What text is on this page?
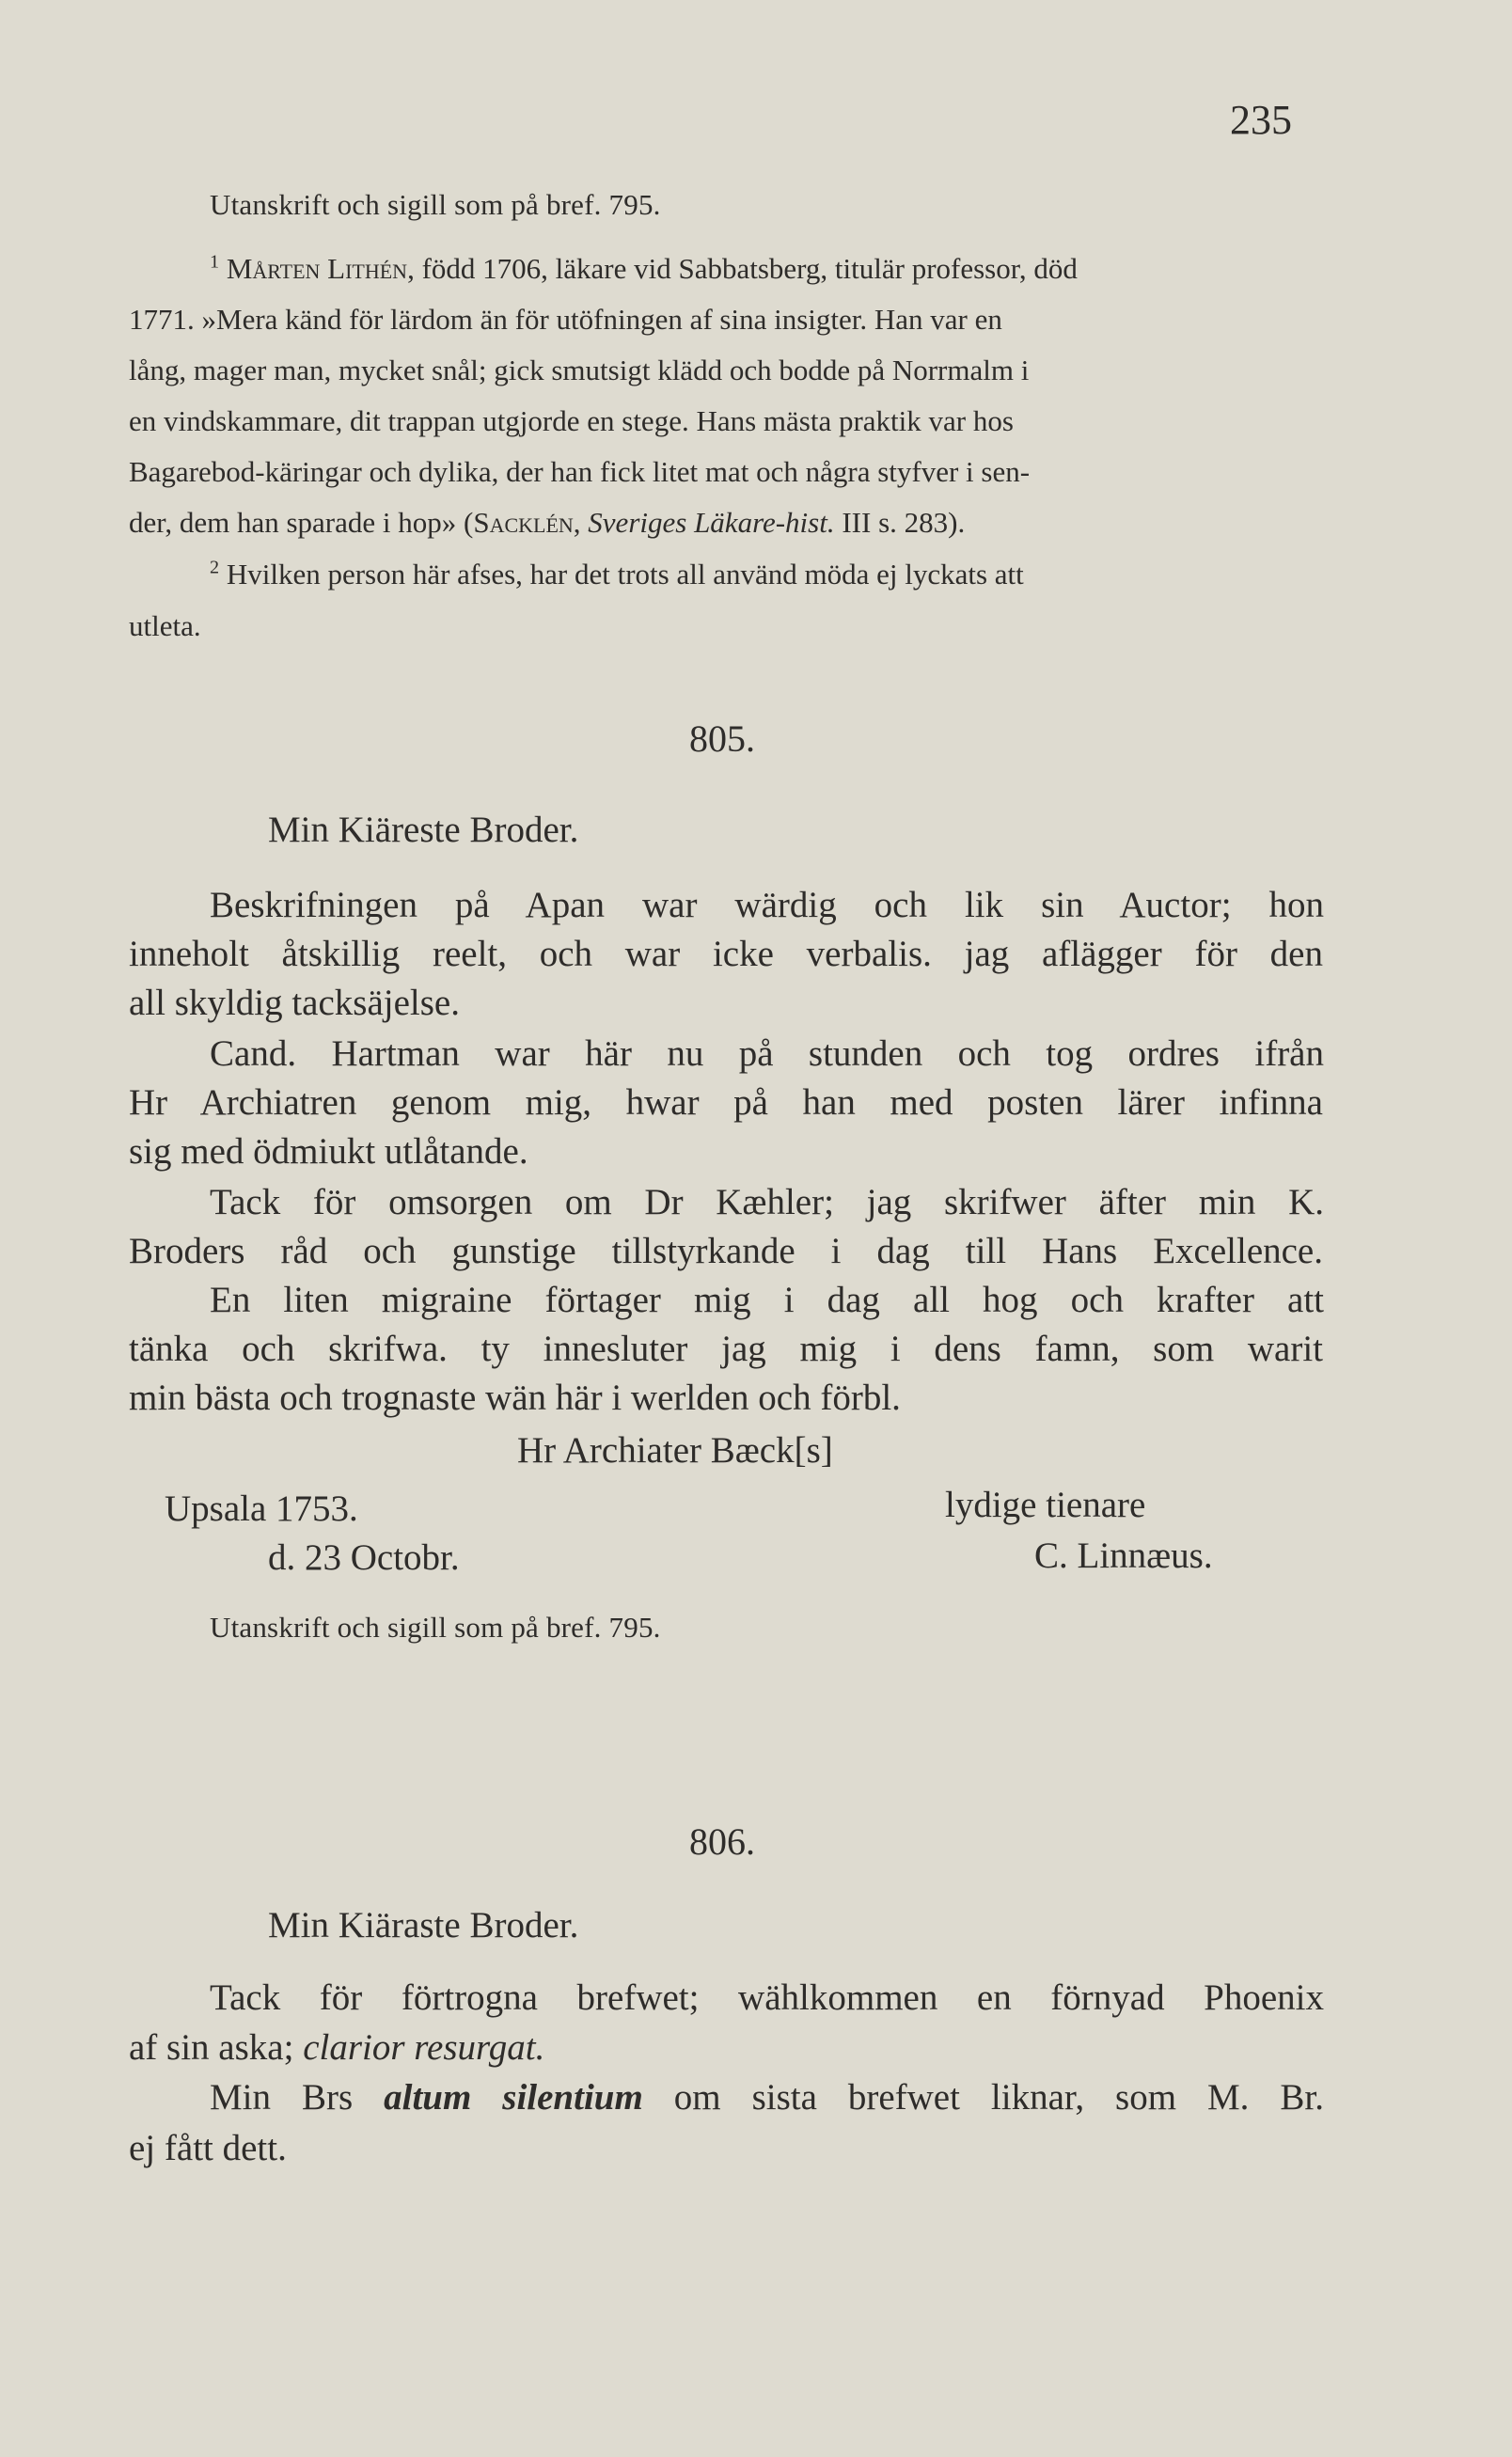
235
Utanskrift och sigill som på bref. 795.
$^1$ Mårten Lithén, född 1706, läkare vid Sabbatsberg, titulär professor, död
1771. »Mera känd för lärdom än för utöfningen af sina insigter. Han var en
lång, mager man, mycket snål; gick smutsigt klädd och bodde på Norrmalm i
en vindskammare, dit trappan utgjorde en stege. Hans mästa praktik var hos
Bagarebod-käringar och dylika, der han fick litet mat och några styfver i sen-
der, dem han sparade i hop» (Sacklén, Sveriges Läkare-hist. III s. 283).
$^2$ Hvilken person här afses, har det trots all använd möda ej lyckats att
utleta.
805.
Min Kiäreste Broder.
Beskrifningen på Apan war wärdig och lik sin Auctor; hon
inneholt åtskillig reelt, och war icke verbalis. jag aflägger för den
all skyldig tacksäjelse.
Cand. Hartman war här nu på stunden och tog ordres ifrån
Hr Archiatren genom mig, hwar på han med posten lärer infinna
sig med ödmiukt utlåtande.
Tack för omsorgen om Dr Kæhler; jag skrifwer äfter min K.
Broders råd och gunstige tillstyrkande i dag till Hans Excellence.
En liten migraine förtager mig i dag all hog och krafter att
tänka och skrifwa. ty innesluter jag mig i dens famn, som warit
min bästa och trognaste wän här i werlden och förbl.
Hr Archiater Bæck[s]
Upsala 1753.	lydige tienare
d. 23 Octobr.	C. Linnæus.
Utanskrift och sigill som på bref. 795.
806.
Min Kiäraste Broder.
Tack för förtrogna brefwet; wählkommen en förnyad Phoenix
af sin aska; clarior resurgat.
Min Brs altum silentium om sista brefwet liknar, som M. Br.
ej fått dett.
